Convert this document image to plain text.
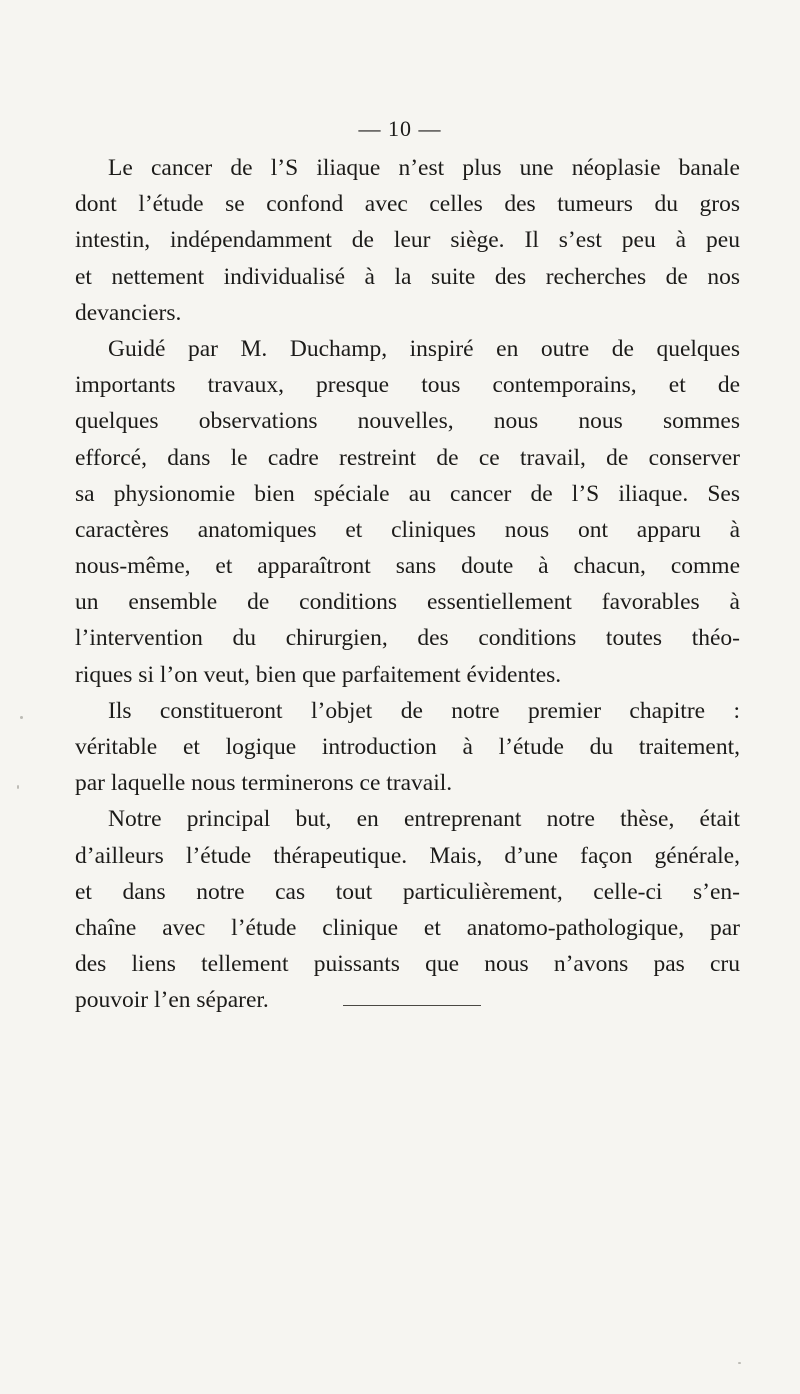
— 10 —
Le cancer de l’S iliaque n’est plus une néoplasie banale
dont l’étude se confond avec celles des tumeurs du gros
intestin, indépendamment de leur siège. Il s’est peu à peu
et nettement individualisé à la suite des recherches de nos
devanciers.
Guidé par M. Duchamp, inspiré en outre de quelques
importants travaux, presque tous contemporains, et de
quelques observations nouvelles, nous nous sommes
efforcé, dans le cadre restreint de ce travail, de conserver
sa physionomie bien spéciale au cancer de l’S iliaque. Ses
caractères anatomiques et cliniques nous ont apparu à
nous-même, et apparaîtront sans doute à chacun, comme
un ensemble de conditions essentiellement favorables à
l’intervention du chirurgien, des conditions toutes théo-
riques si l’on veut, bien que parfaitement évidentes.
Ils constitueront l’objet de notre premier chapitre :
véritable et logique introduction à l’étude du traitement,
par laquelle nous terminerons ce travail.
Notre principal but, en entreprenant notre thèse, était
d’ailleurs l’étude thérapeutique. Mais, d’une façon générale,
et dans notre cas tout particulièrement, celle-ci s’en-
chaîne avec l’étude clinique et anatomo-pathologique, par
des liens tellement puissants que nous n’avons pas cru
pouvoir l’en séparer.
